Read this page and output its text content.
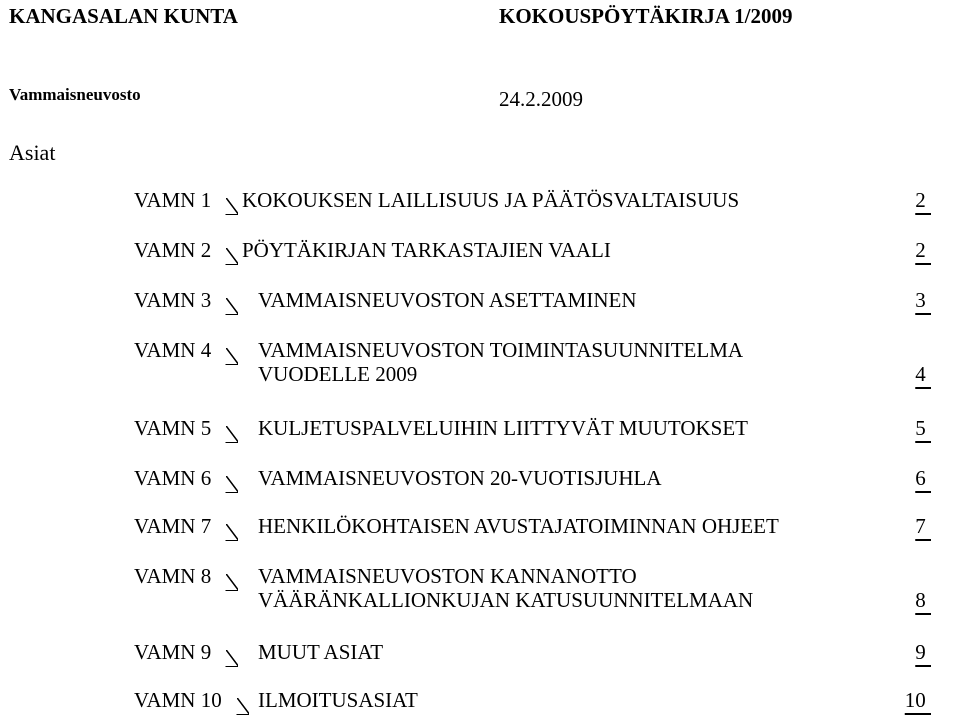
KANGASALAN KUNTA	KOKOUSPÖYTÄKIRJA 1/2009
Vammaisneuvosto	24.2.2009
Asiat
VAMN 1 KOKOUKSEN LAILLISUUS JA PÄÄTÖSVALTAISUUS	2
VAMN 2 PÖYTÄKIRJAN TARKASTAJIEN VAALI	2
VAMN 3 VAMMAISNEUVOSTON ASETTAMINEN	3
VAMN 4 VAMMAISNEUVOSTON TOIMINTASUUNNITELMA
VUODELLE 2009	4
VAMN 5 KULJETUSPALVELUIHIN LIITTYVÄT MUUTOKSET	5
VAMN 6 VAMMAISNEUVOSTON 20-VUOTISJUHLA	6
VAMN 7 HENKILÖKOHTAISEN AVUSTAJATOIMINNAN OHJEET	7
VAMN 8 VAMMAISNEUVOSTON KANNANOTTO
VÄÄRÄNKALLIONKUJAN KATUSUUNNITELMAAN	8
VAMN 9 MUUT ASIAT	9
VAMN 10 ILMOITUSASIAT	10
